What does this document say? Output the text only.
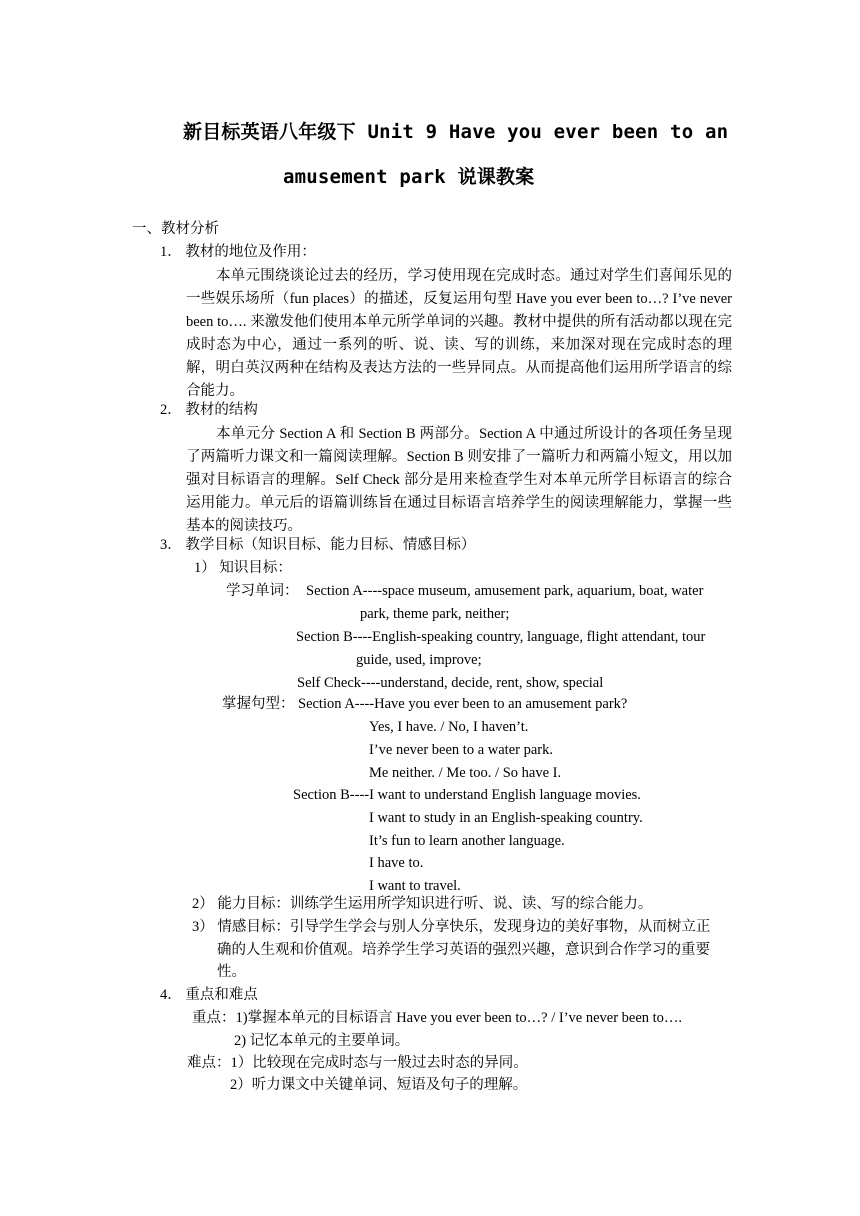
新目标英语八年级下 Unit 9 Have you ever been to an
amusement park 说课教案
一、教材分析
1． 教材的地位及作用：
本单元围绕谈论过去的经历，学习使用现在完成时态。通过对学生们喜闻乐见的一些娱乐场所（fun places）的描述，反复运用句型 Have you ever been to…? I’ve never been to…. 来激发他们使用本单元所学单词的兴趣。教材中提供的所有活动都以现在完成时态为中心，通过一系列的听、说、读、写的训练，来加深对现在完成时态的理解，明白英汉两种在结构及表达方法的一些异同点。从而提高他们运用所学语言的综合能力。
2． 教材的结构
本单元分 Section A 和 Section B 两部分。Section A 中通过所设计的各项任务呈现了两篇听力课文和一篇阅读理解。Section B 则安排了一篇听力和两篇小短文，用以加强对目标语言的理解。Self Check 部分是用来检查学生对本单元所学目标语言的综合运用能力。单元后的语篇训练旨在通过目标语言培养学生的阅读理解能力，掌握一些基本的阅读技巧。
3． 教学目标（知识目标、能力目标、情感目标）
1） 知识目标：
学习单词： Section A----space museum, amusement park, aquarium, boat, water
park, theme park, neither;
Section B----English-speaking country, language, flight attendant, tour
guide, used, improve;
Self Check----understand, decide, rent, show, special
掌握句型： Section A----Have you ever been to an amusement park?
Yes, I have. / No, I haven’t.
I’ve never been to a water park.
Me neither. / Me too. / So have I.
Section B----I want to understand English language movies.
I want to study in an English-speaking country.
It’s fun to learn another language.
I have to.
I want to travel.
2） 能力目标：训练学生运用所学知识进行听、说、读、写的综合能力。
3） 情感目标：引导学生学会与别人分享快乐，发现身边的美好事物，从而树立正
确的人生观和价值观。培养学生学习英语的强烈兴趣，意识到合作学习的重要
性。
4． 重点和难点
重点：1)掌握本单元的目标语言 Have you ever been to…? / I’ve never been to….
2) 记忆本单元的主要单词。
难点：1）比较现在完成时态与一般过去时态的异同。
2）听力课文中关键单词、短语及句子的理解。
